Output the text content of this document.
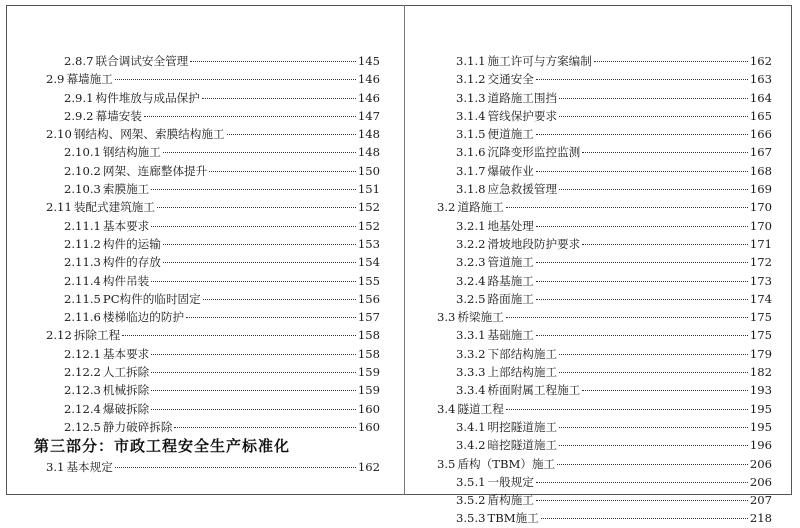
2.8.7 联合调试安全管理	145
2.9 幕墙施工	146
2.9.1 构件堆放与成品保护	146
2.9.2 幕墙安装	147
2.10 钢结构、网架、索膜结构施工	148
2.10.1 钢结构施工	148
2.10.2 网架、连廊整体提升	150
2.10.3 索膜施工	151
2.11 装配式建筑施工	152
2.11.1 基本要求	152
2.11.2 构件的运输	153
2.11.3 构件的存放	154
2.11.4 构件吊装	155
2.11.5 PC构件的临时固定	156
2.11.6 楼梯临边的防护	157
2.12 拆除工程	158
2.12.1 基本要求	158
2.12.2 人工拆除	159
2.12.3 机械拆除	159
2.12.4 爆破拆除	160
2.12.5 静力破碎拆除	160
第三部分：市政工程安全生产标准化
3.1 基本规定	162
3.1.1 施工许可与方案编制	162
3.1.2 交通安全	163
3.1.3 道路施工围挡	164
3.1.4 管线保护要求	165
3.1.5 便道施工	166
3.1.6 沉降变形监控监测	167
3.1.7 爆破作业	168
3.1.8 应急救援管理	169
3.2 道路施工	170
3.2.1 地基处理	170
3.2.2 滑坡地段防护要求	171
3.2.3 管道施工	172
3.2.4 路基施工	173
3.2.5 路面施工	174
3.3 桥梁施工	175
3.3.1 基础施工	175
3.3.2 下部结构施工	179
3.3.3 上部结构施工	182
3.3.4 桥面附属工程施工	193
3.4 隧道工程	195
3.4.1 明挖隧道施工	195
3.4.2 暗挖隧道施工	196
3.5 盾构（TBM）施工	206
3.5.1 一般规定	206
3.5.2 盾构施工	207
3.5.3 TBM施工	218
